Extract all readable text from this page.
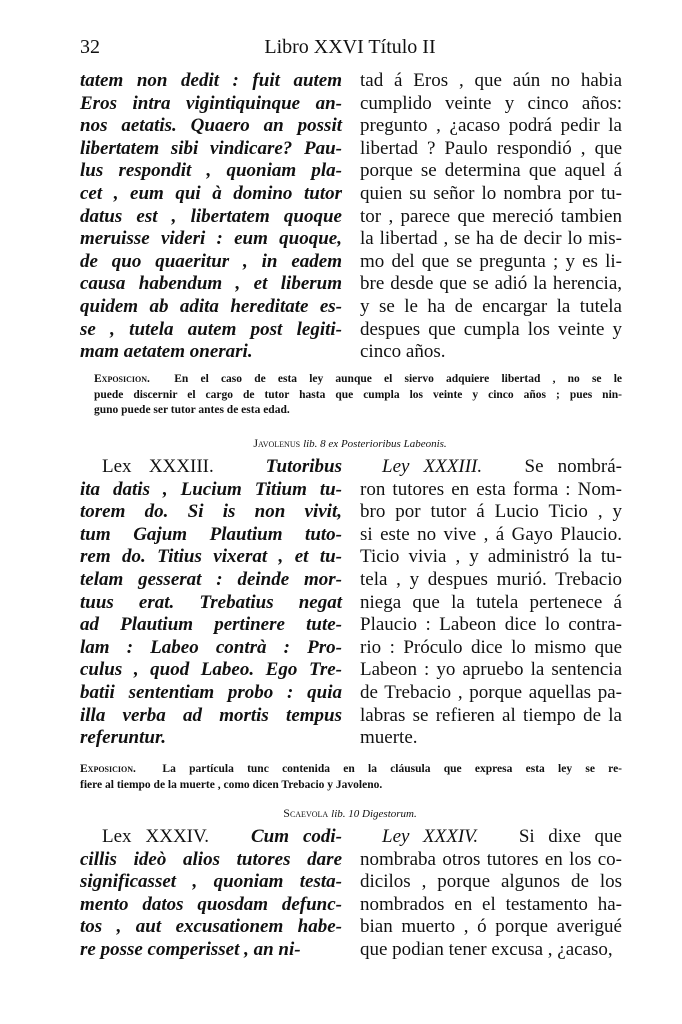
32	Libro XXVI Título II
tatem non dedit : fuit autem
Eros intra vigintiquinque an-
nos aetatis. Quaero an possit
libertatem sibi vindicare? Pau-
lus respondit , quoniam pla-
cet , eum qui à domino tutor
datus est , libertatem quoque
meruisse videri : eum quoque,
de quo quaeritur , in eadem
causa habendum , et liberum
quidem ab adita hereditate es-
se , tutela autem post legiti-
mam aetatem onerari.
tad á Eros , que aún no habia
cumplido veinte y cinco años:
pregunto , ¿acaso podrá pedir la
libertad ? Paulo respondió , que
porque se determina que aquel á
quien su señor lo nombra por tu-
tor , parece que mereció tambien
la libertad , se ha de decir lo mis-
mo del que se pregunta ; y es li-
bre desde que se adió la herencia,
y se le ha de encargar la tutela
despues que cumpla los veinte y
cinco años.
Exposicion. En el caso de esta ley aunque el siervo adquiere libertad , no se le
puede discernir el cargo de tutor hasta que cumpla los veinte y cinco años ; pues nin-
guno puede ser tutor antes de esta edad.
Javolenus lib. 8 ex Posterioribus Labeonis.
Lex XXXIII.	Tutoribus
ita datis , Lucium Titium tu-
torem do. Si is non vivit,
tum Gajum Plautium tuto-
rem do. Titius vixerat , et tu-
telam gesserat : deinde mor-
tuus erat. Trebatius negat
ad Plautium pertinere tute-
lam : Labeo contrà : Pro-
culus , quod Labeo. Ego Tre-
batii sententiam probo : quia
illa verba ad mortis tempus
referuntur.
Ley XXXIII. Se nombrá-
ron tutores en esta forma : Nom-
bro por tutor á Lucio Ticio , y
si este no vive , á Gayo Plaucio.
Ticio vivia , y administró la tu-
tela , y despues murió. Trebacio
niega que la tutela pertenece á
Plaucio : Labeon dice lo contra-
rio : Próculo dice lo mismo que
Labeon : yo apruebo la sentencia
de Trebacio , porque aquellas pa-
labras se refieren al tiempo de la
muerte.
Exposicion. La partícula tunc contenida en la cláusula que expresa esta ley se re-
fiere al tiempo de la muerte , como dicen Trebacio y Javoleno.
Scaevola lib. 10 Digestorum.
Lex XXXIV. Cum codi-
cillis ideò alios tutores dare
significasset , quoniam testa-
mento datos quosdam defunc-
tos , aut excusationem habe-
re posse comperisset , an ni-
Ley XXXIV. Si dixe que
nombraba otros tutores en los co-
dicilos , porque algunos de los
nombrados en el testamento ha-
bian muerto , ó porque averigué
que podian tener excusa , ¿acaso,
